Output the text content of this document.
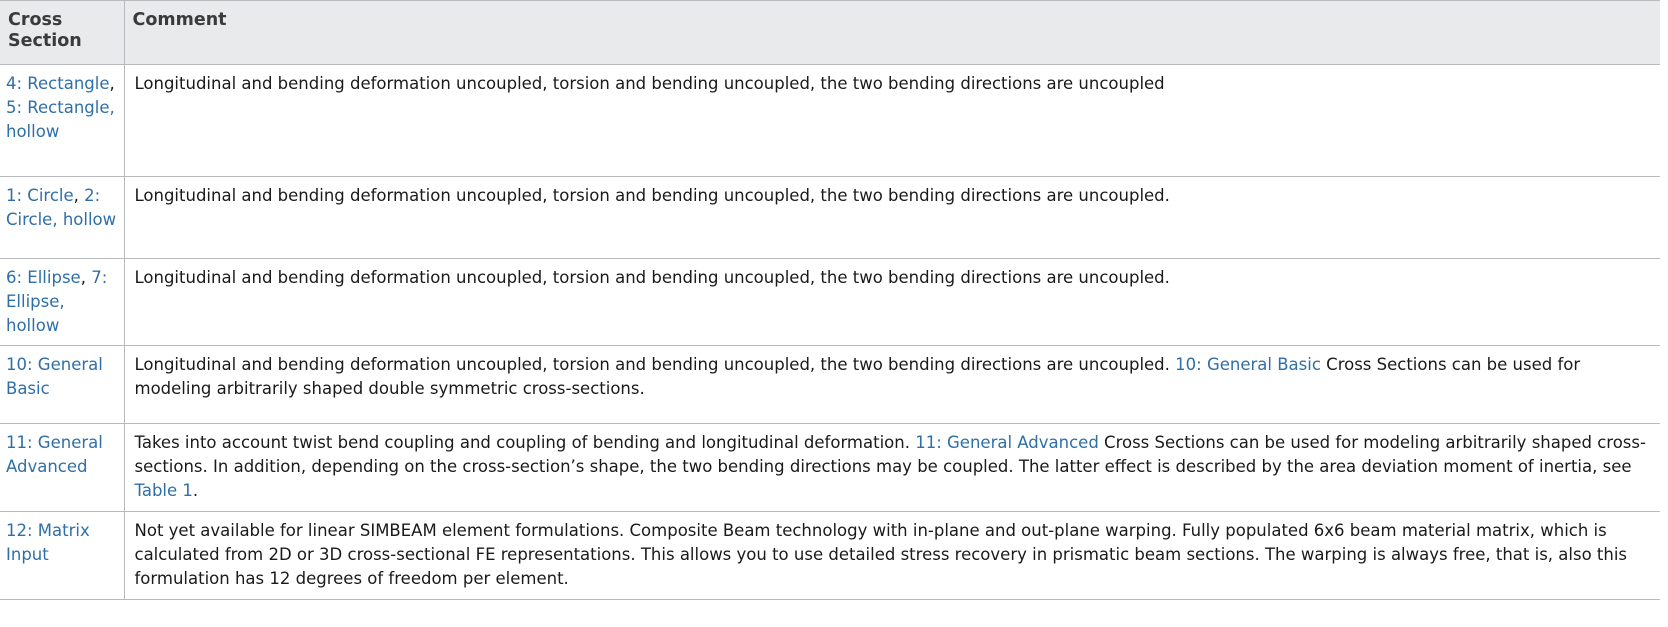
Cross Section	Comment
4: Rectangle, 5: Rectangle, hollow	Longitudinal and bending deformation uncoupled, torsion and bending uncoupled, the two bending directions are uncoupled
1: Circle, 2: Circle, hollow	Longitudinal and bending deformation uncoupled, torsion and bending uncoupled, the two bending directions are uncoupled.
6: Ellipse, 7: Ellipse, hollow	Longitudinal and bending deformation uncoupled, torsion and bending uncoupled, the two bending directions are uncoupled.
10: General Basic	Longitudinal and bending deformation uncoupled, torsion and bending uncoupled, the two bending directions are uncoupled. 10: General Basic Cross Sections can be used for modeling arbitrarily shaped double symmetric cross-sections.
11: General Advanced	Takes into account twist bend coupling and coupling of bending and longitudinal deformation. 11: General Advanced Cross Sections can be used for modeling arbitrarily shaped cross-sections. In addition, depending on the cross-section’s shape, the two bending directions may be coupled. The latter effect is described by the area deviation moment of inertia, see Table 1.
12: Matrix Input	Not yet available for linear SIMBEAM element formulations. Composite Beam technology with in-plane and out-plane warping. Fully populated 6x6 beam material matrix, which is calculated from 2D or 3D cross-sectional FE representations. This allows you to use detailed stress recovery in prismatic beam sections. The warping is always free, that is, also this formulation has 12 degrees of freedom per element.
